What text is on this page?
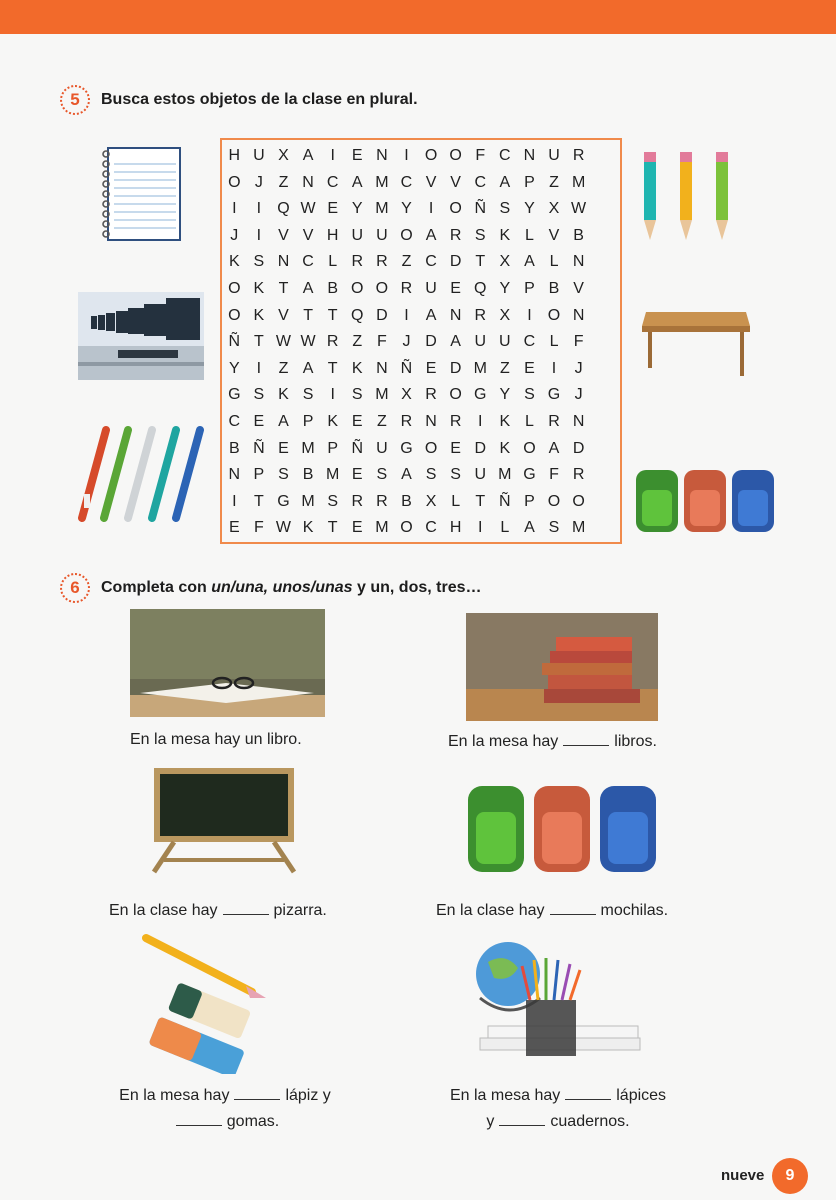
5	Busca estos objetos de la clase en plural.
H U X A	I	E N	I	O O F C N U R
O J Z N C A M C V V C A P Z M
I	I	Q W E Y M Y	I	O Ñ S Y X W
J	I	V V H U U O A R S K L V B
K S N C L R R Z C D T X A L N
O K T A B O O R U E Q Y P B V
O K V T T Q D	I	A N R X	I	O N
Ñ T W W R Z F J D A U U C L F
Y	I	Z A T K N Ñ E D M Z E	I	J
G S K S	I	S M X R O G Y S G J
C E A P K E Z R N R	I	K L R N
B Ñ E M P Ñ U G O E D K O A D
N P S B M E S A S S U M G F R
I	T G M S R R B X L T Ñ P O O
E F W K T E M O C H	I	L A S M
6	Completa con un/una, unos/unas y un, dos, tres…
En la mesa hay un libro.	En la mesa hay	libros.
En la clase hay	pizarra.	En la clase hay	mochilas.
En la mesa hay	lápiz y
gomas.
En la mesa hay	lápices
y	cuadernos.
nueve	9
